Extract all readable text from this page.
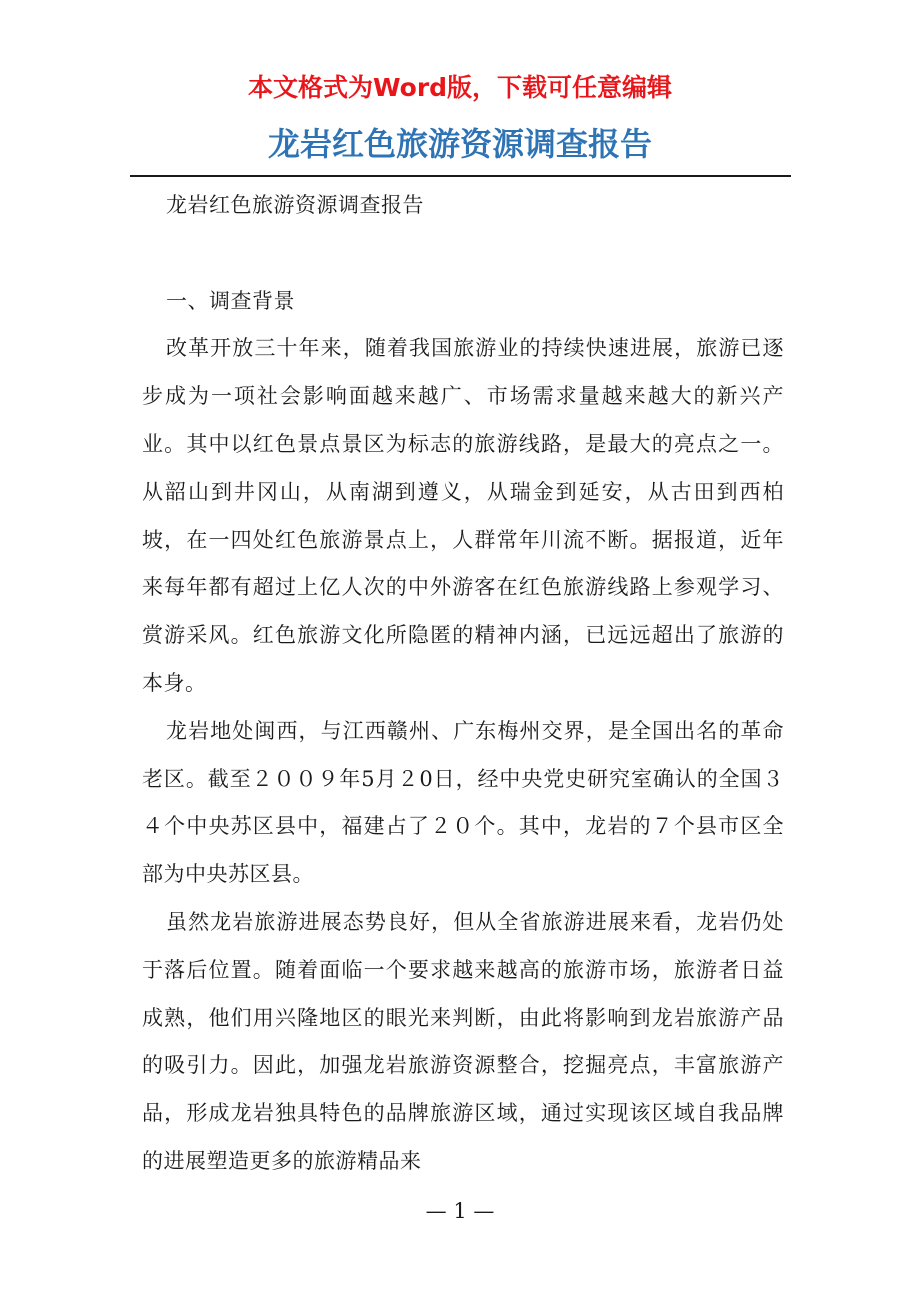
本文格式为Word版，下载可任意编辑
龙岩红色旅游资源调查报告

龙岩红色旅游资源调查报告

一、调查背景

改革开放三十年来，随着我国旅游业的持续快速进展，旅游已逐步成为一项社会影响面越来越广、市场需求量越来越大的新兴产业。其中以红色景点景区为标志的旅游线路，是最大的亮点之一。从韶山到井冈山，从南湖到遵义，从瑞金到延安，从古田到西柏坡，在一四处红色旅游景点上，人群常年川流不断。据报道，近年来每年都有超过上亿人次的中外游客在红色旅游线路上参观学习、赏游采风。红色旅游文化所隐匿的精神内涵，已远远超出了旅游的本身。

龙岩地处闽西，与江西赣州、广东梅州交界，是全国出名的革命老区。截至２００９年5月２0日，经中央党史研究室确认的全国３４个中央苏区县中，福建占了２０个。其中，龙岩的７个县市区全部为中央苏区县。

虽然龙岩旅游进展态势良好，但从全省旅游进展来看，龙岩仍处于落后位置。随着面临一个要求越来越高的旅游市场，旅游者日益成熟，他们用兴隆地区的眼光来判断，由此将影响到龙岩旅游产品的吸引力。因此，加强龙岩旅游资源整合，挖掘亮点，丰富旅游产品，形成龙岩独具特色的品牌旅游区域，通过实现该区域自我品牌的进展塑造更多的旅游精品来

— 1 —
